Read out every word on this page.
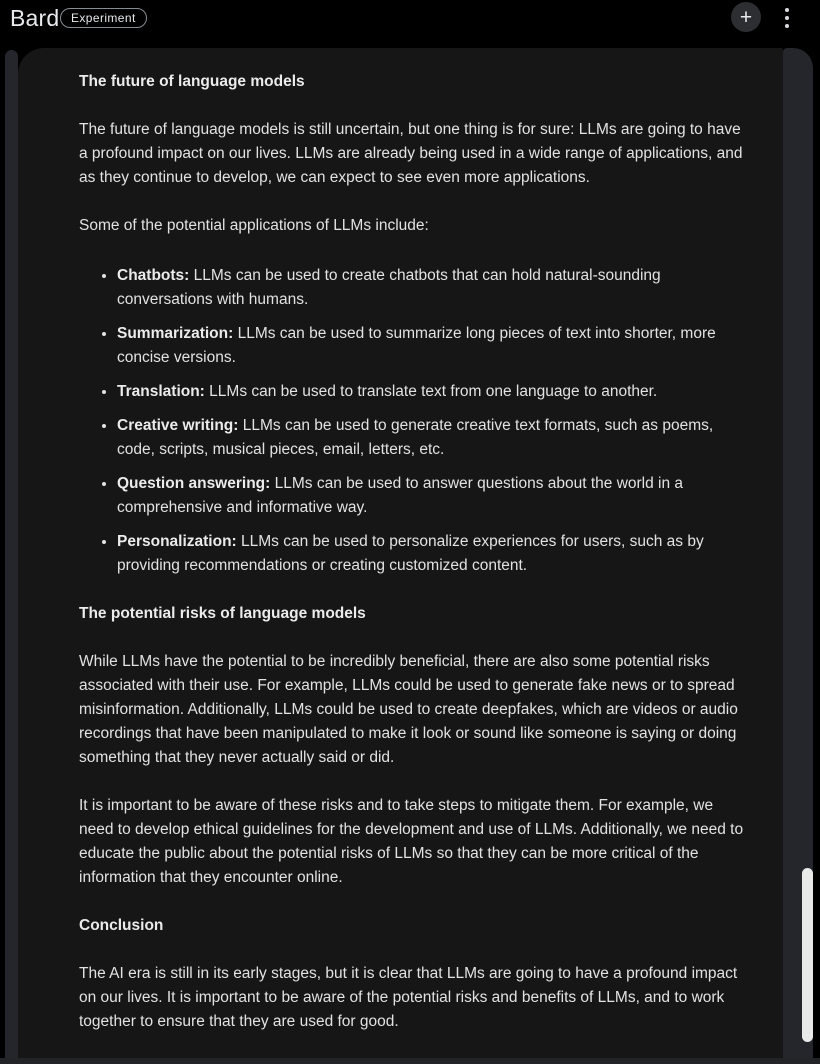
Bard Experiment	+
The future of language models

The future of language models is still uncertain, but one thing is for sure: LLMs are going to have a profound impact on our lives. LLMs are already being used in a wide range of applications, and as they continue to develop, we can expect to see even more applications.

Some of the potential applications of LLMs include:

• Chatbots: LLMs can be used to create chatbots that can hold natural-sounding conversations with humans.
• Summarization: LLMs can be used to summarize long pieces of text into shorter, more concise versions.
• Translation: LLMs can be used to translate text from one language to another.
• Creative writing: LLMs can be used to generate creative text formats, such as poems, code, scripts, musical pieces, email, letters, etc.
• Question answering: LLMs can be used to answer questions about the world in a comprehensive and informative way.
• Personalization: LLMs can be used to personalize experiences for users, such as by providing recommendations or creating customized content.
The potential risks of language models

While LLMs have the potential to be incredibly beneficial, there are also some potential risks associated with their use. For example, LLMs could be used to generate fake news or to spread misinformation. Additionally, LLMs could be used to create deepfakes, which are videos or audio recordings that have been manipulated to make it look or sound like someone is saying or doing something that they never actually said or did.

It is important to be aware of these risks and to take steps to mitigate them. For example, we need to develop ethical guidelines for the development and use of LLMs. Additionally, we need to educate the public about the potential risks of LLMs so that they can be more critical of the information that they encounter online.

Conclusion

The AI era is still in its early stages, but it is clear that LLMs are going to have a profound impact on our lives. It is important to be aware of the potential risks and benefits of LLMs, and to work together to ensure that they are used for good.
